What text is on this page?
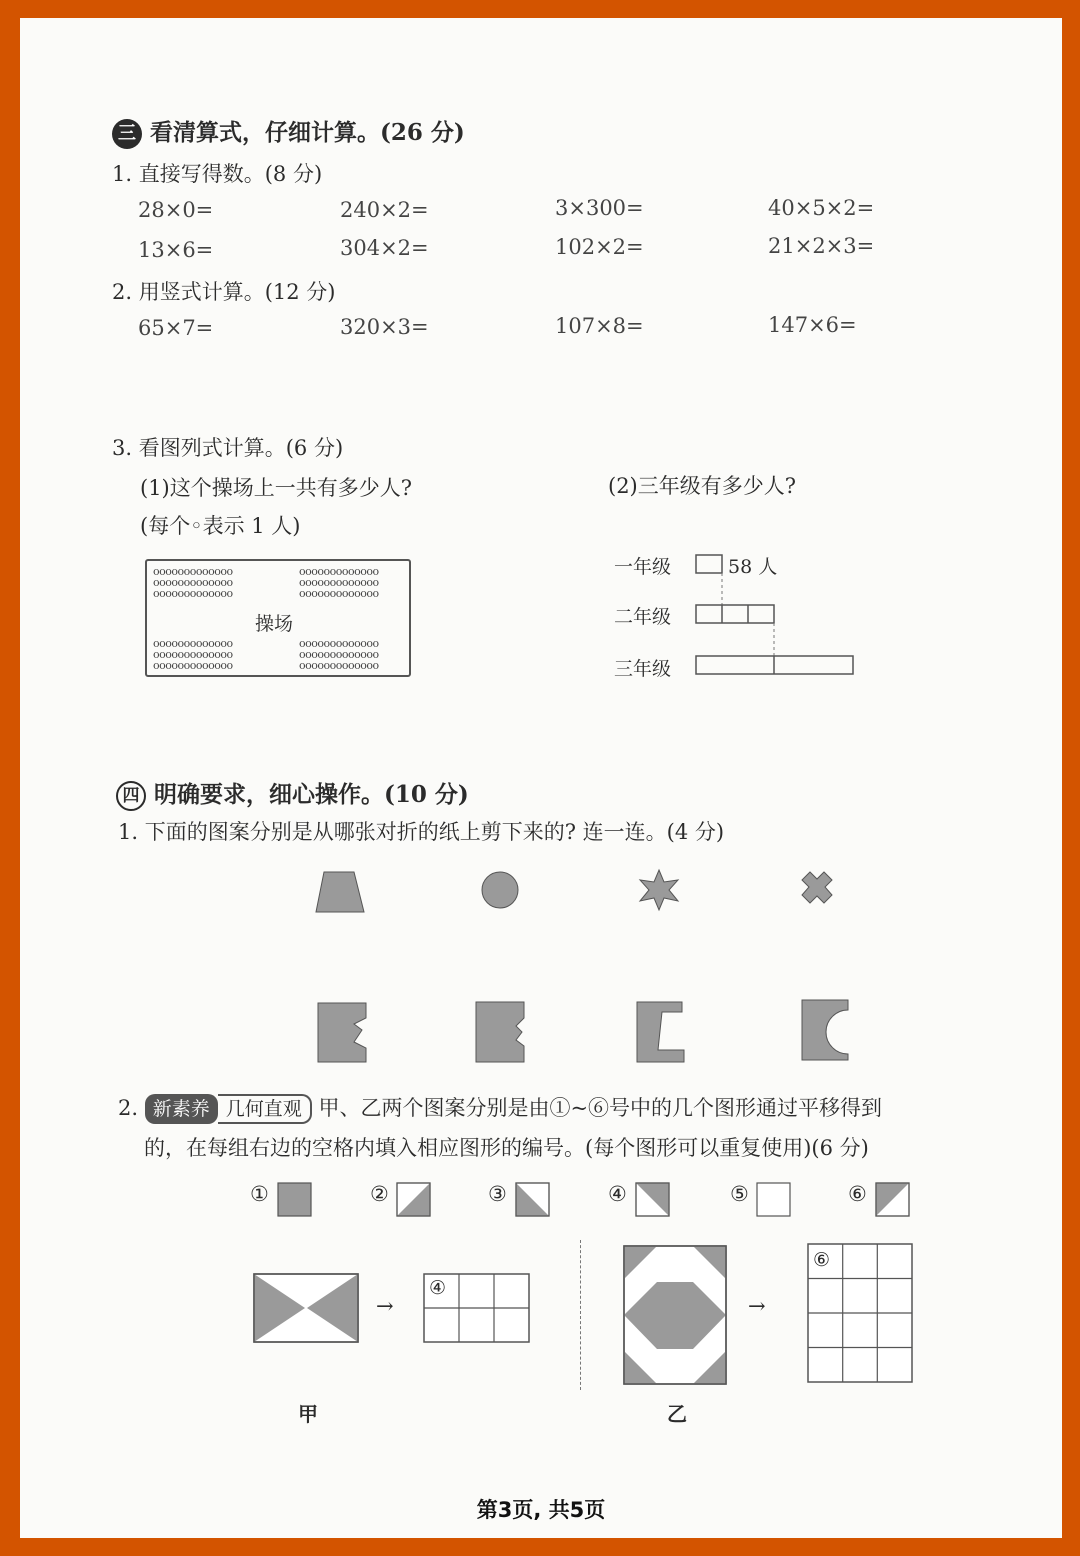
三 看清算式，仔细计算。(26 分)
1. 直接写得数。(8 分)
28×0=	240×2=	3×300=	40×5×2=
13×6=	304×2=	102×2=	21×2×3=
2. 用竖式计算。(12 分)
65×7=	320×3=	107×8=	147×6=
3. 看图列式计算。(6 分)
(1)这个操场上一共有多少人?
(每个◦表示 1 人)
(2)三年级有多少人?
ooooooooooooo
ooooooooooooo
ooooooooooooo
ooooooooooooo
ooooooooooooo
ooooooooooooo
操场
ooooooooooooo
ooooooooooooo
ooooooooooooo
ooooooooooooo
ooooooooooooo
ooooooooooooo
一年级
二年级
三年级
58 人
四 明确要求，细心操作。(10 分)
1. 下面的图案分别是从哪张对折的纸上剪下来的? 连一连。(4 分)
2. 新素养 几何直观 甲、乙两个图案分别是由①~⑥号中的几个图形通过平移得到
的，在每组右边的空格内填入相应图形的编号。(每个图形可以重复使用)(6 分)
①	②	③	④	⑤	⑥
→
④
甲
→
⑥
乙
第3页, 共5页
